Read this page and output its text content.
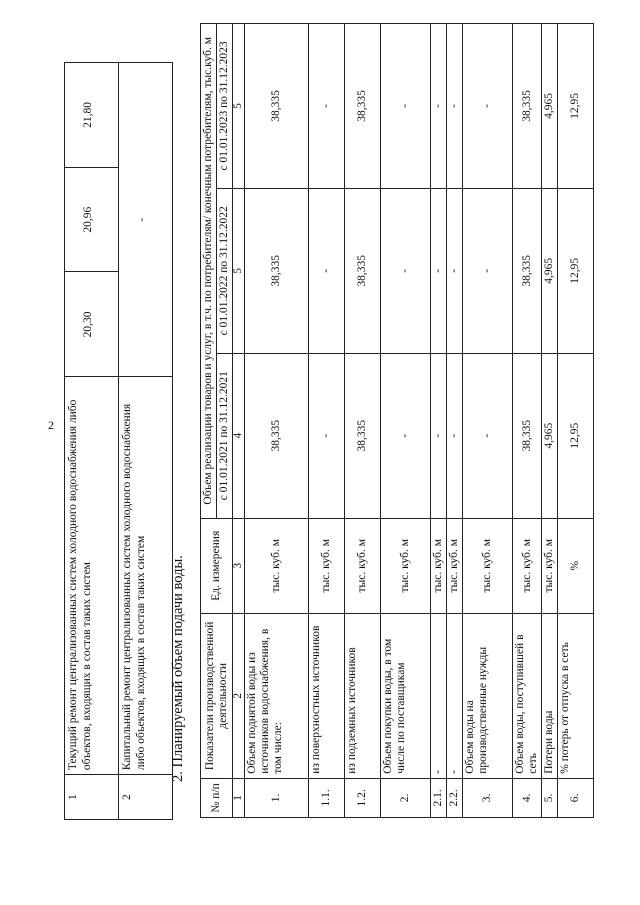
2
1	Текущий ремонт централизованных систем холодного водоснабжения либо объектов, входящих в состав таких систем	20,30	20,96	21,80
2	Капитальный ремонт централизованных систем холодного водоснабжения либо объектов, входящих в состав таких систем	-		
2. Планируемый объем подачи воды.
№ п/п	Показатели производственной деятельности	Ед. измерения	Объем реализации товаров и услуг, в т.ч. по потребителям/ конечным потребителям, тыс.куб. м		
			с 01.01.2021 по 31.12.2021	с 01.01.2022 по 31.12.2022	с 01.01.2023 по 31.12.2023
1	2	3	4	5	5
1.	Объем поднятой воды из источников водоснабжения, в том числе:	тыс. куб. м	38,335	38,335	38,335
1.1.	из поверхностных источников	тыс. куб. м	-	-	-
1.2.	из подземных источников	тыс. куб. м	38,335	38,335	38,335
2.	Объем покупки воды, в том числе по поставщикам	тыс. куб. м	-	-	-
2.1.	-	тыс. куб. м	-	-	-
2.2.	-	тыс. куб. м	-	-	-
3.	Объем воды на производственные нужды	тыс. куб. м	-	-	-
4.	Объем воды, поступившей в сеть	тыс. куб. м	38,335	38,335	38,335
5.	Потери воды	тыс. куб. м	4,965	4,965	4,965
6.	% потерь от отпуска в сеть	%	12,95	12,95	12,95
